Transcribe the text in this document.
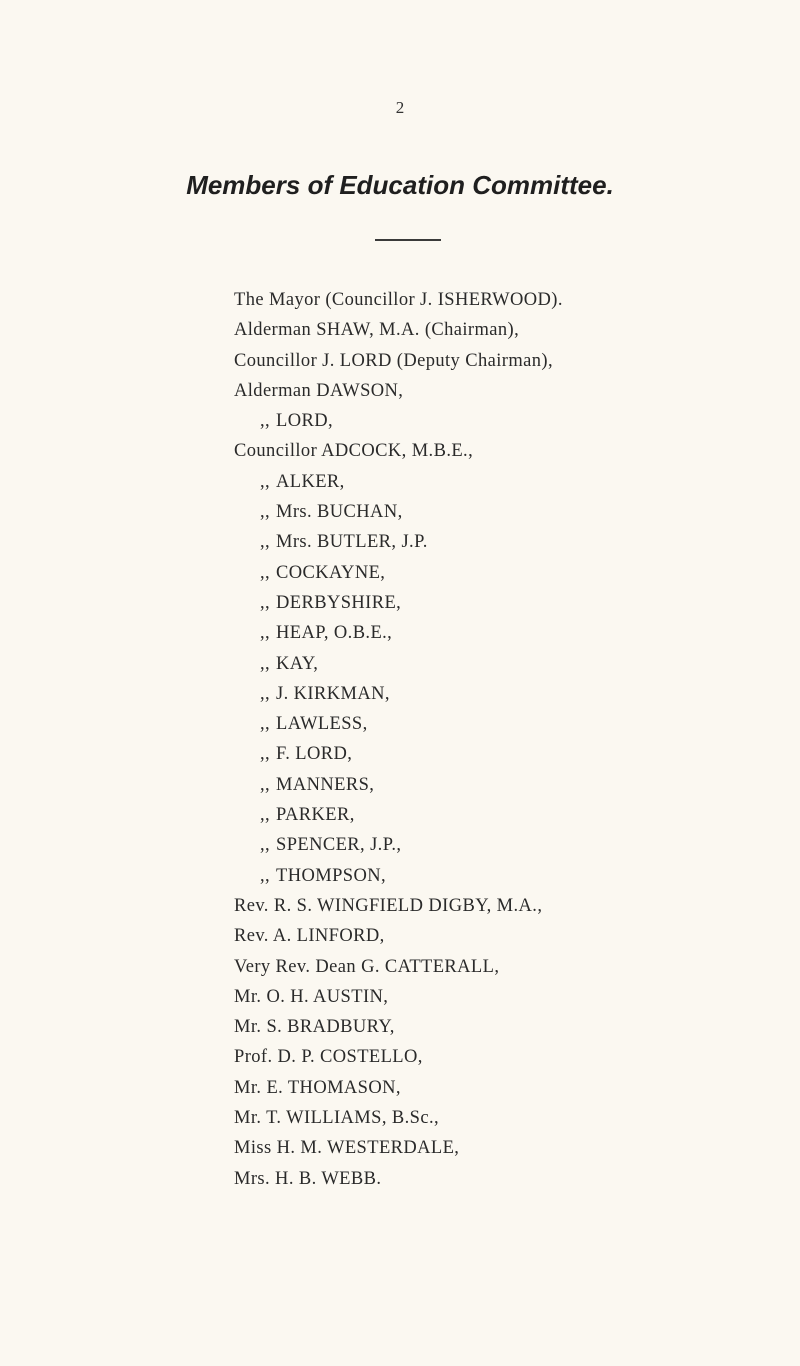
2
Members of Education Committee.
The Mayor (Councillor J. ISHERWOOD).
Alderman SHAW, M.A. (Chairman),
Councillor J. LORD (Deputy Chairman),
Alderman DAWSON,
,, LORD,
Councillor ADCOCK, M.B.E.,
,, ALKER,
,, Mrs. BUCHAN,
,, Mrs. BUTLER, J.P.
,, COCKAYNE,
,, DERBYSHIRE,
,, HEAP, O.B.E.,
,, KAY,
,, J. KIRKMAN,
,, LAWLESS,
,, F. LORD,
,, MANNERS,
,, PARKER,
,, SPENCER, J.P.,
,, THOMPSON,
Rev. R. S. WINGFIELD DIGBY, M.A.,
Rev. A. LINFORD,
Very Rev. Dean G. CATTERALL,
Mr. O. H. AUSTIN,
Mr. S. BRADBURY,
Prof. D. P. COSTELLO,
Mr. E. THOMASON,
Mr. T. WILLIAMS, B.Sc.,
Miss H. M. WESTERDALE,
Mrs. H. B. WEBB.
